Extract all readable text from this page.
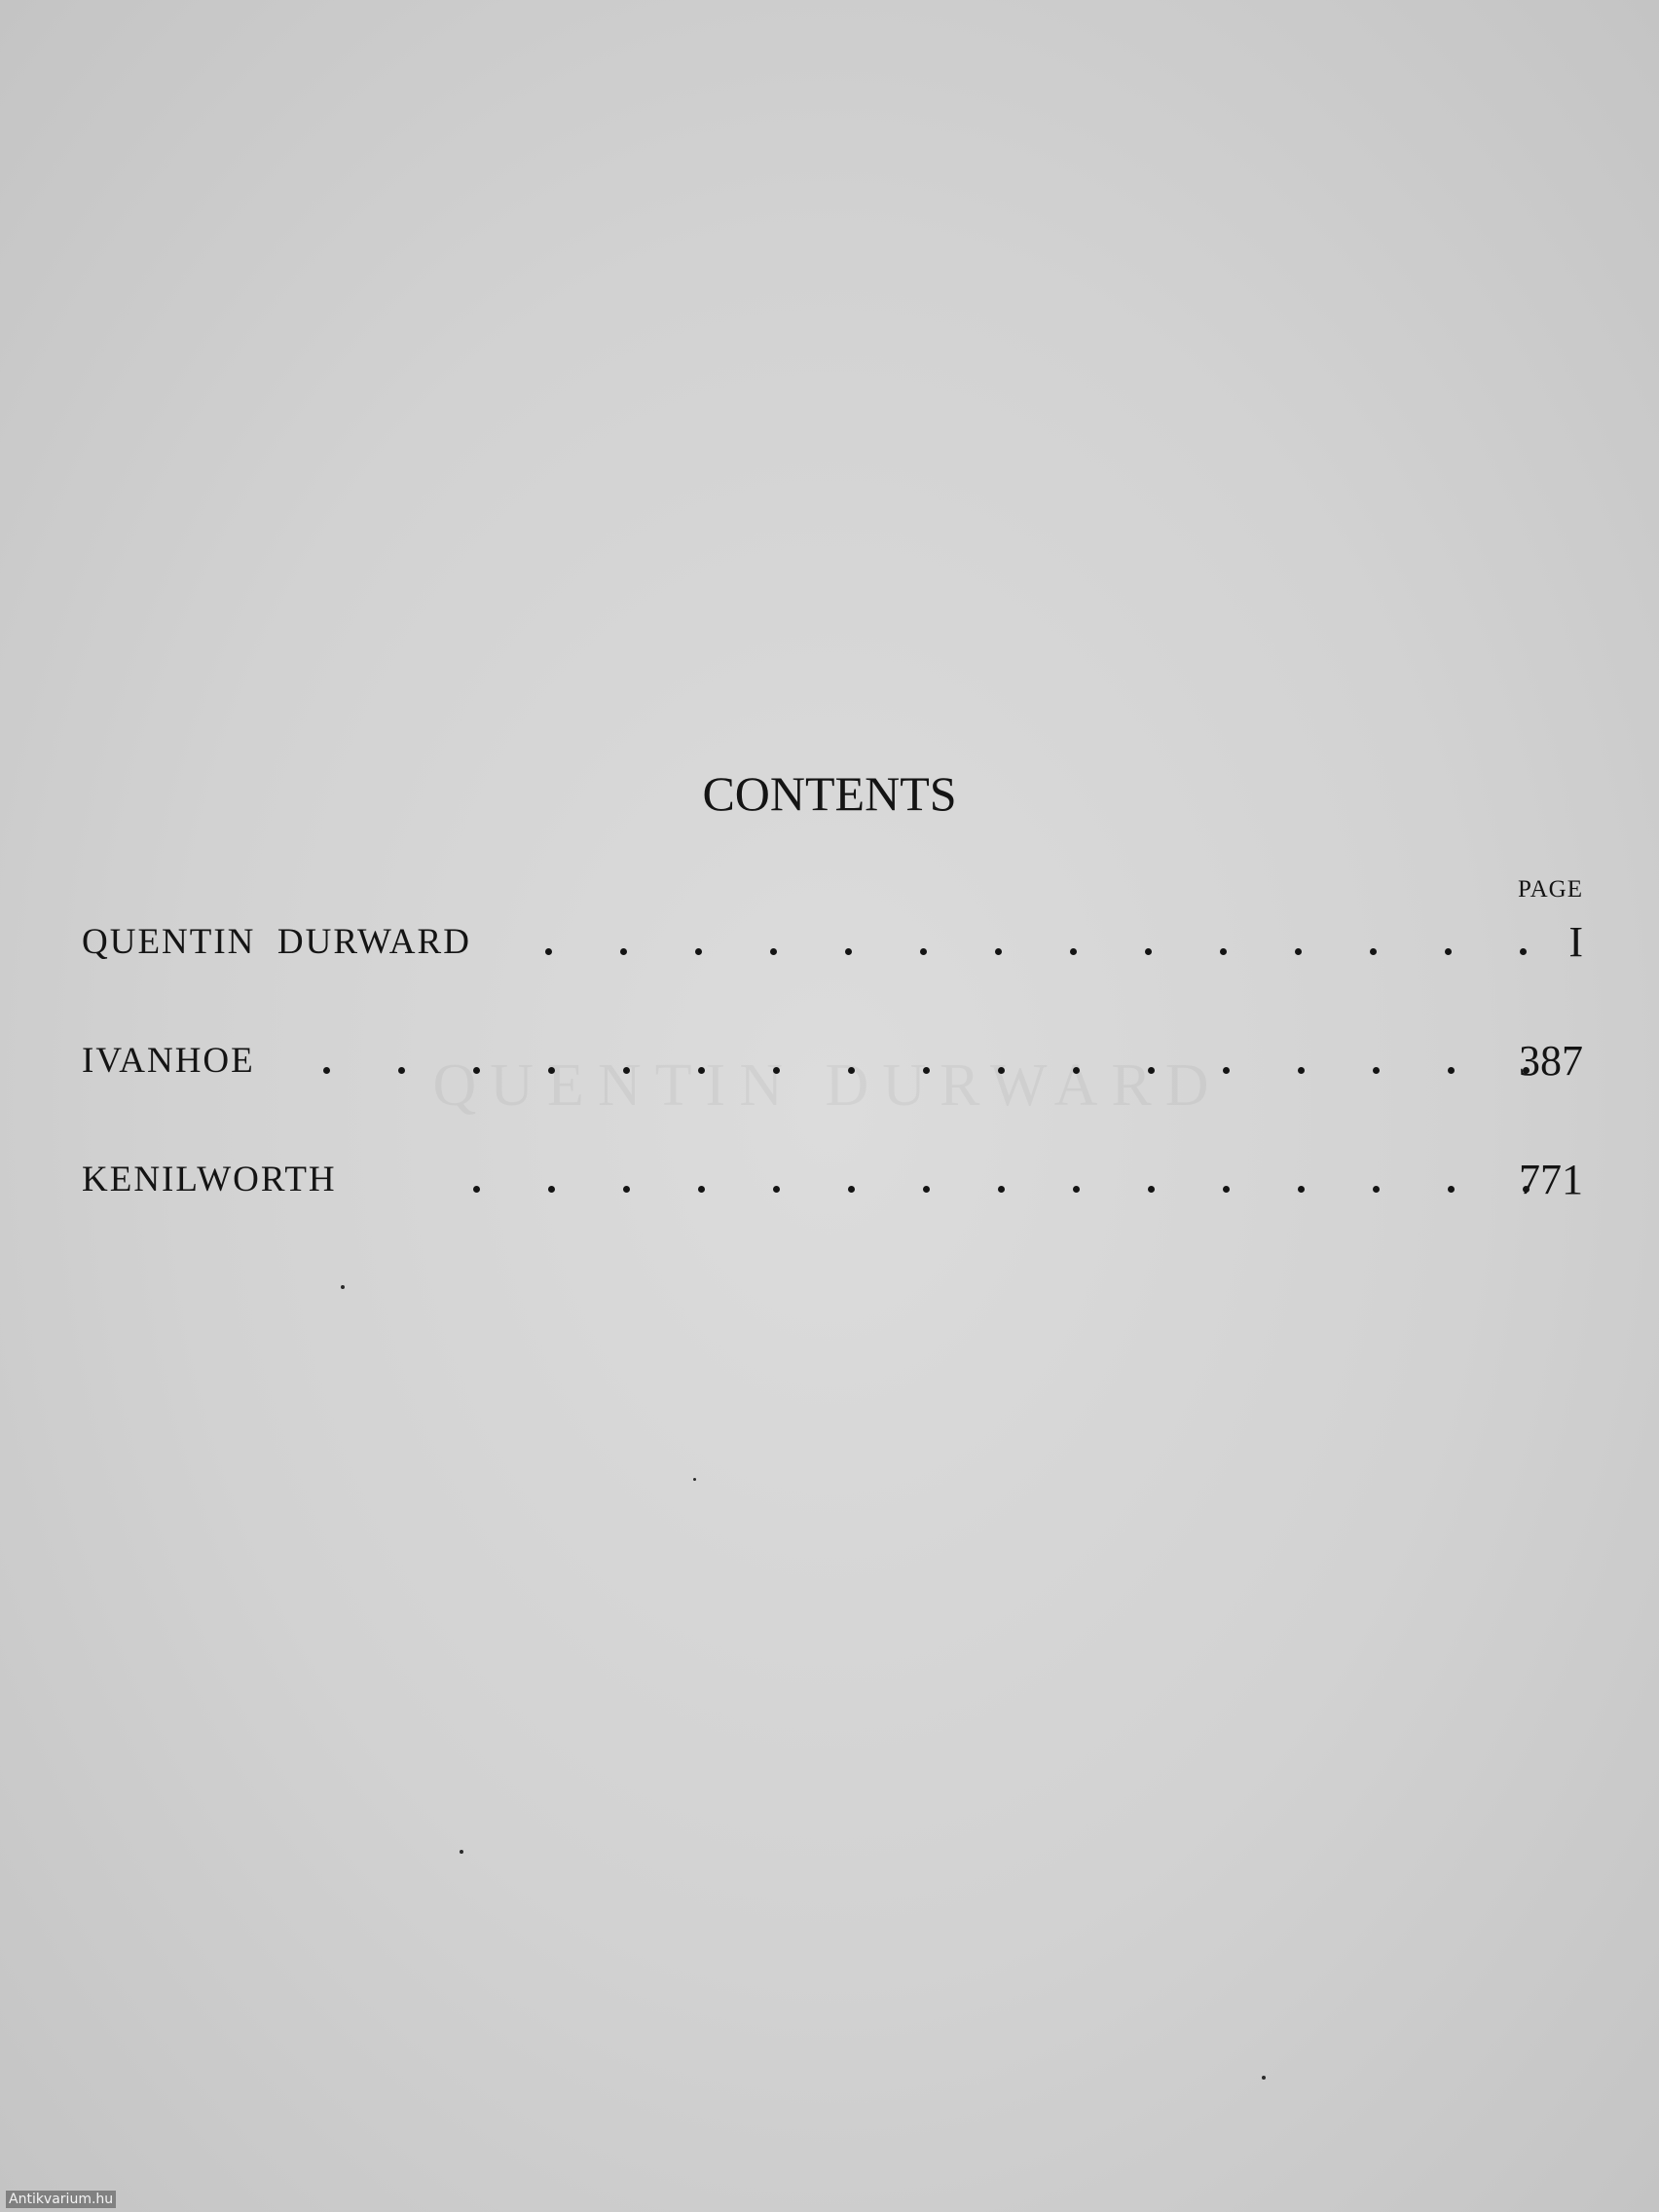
CONTENTS
PAGE
QUENTIN  DURWARD	I
IVANHOE	387
KENILWORTH	771
Antikvarium.hu
